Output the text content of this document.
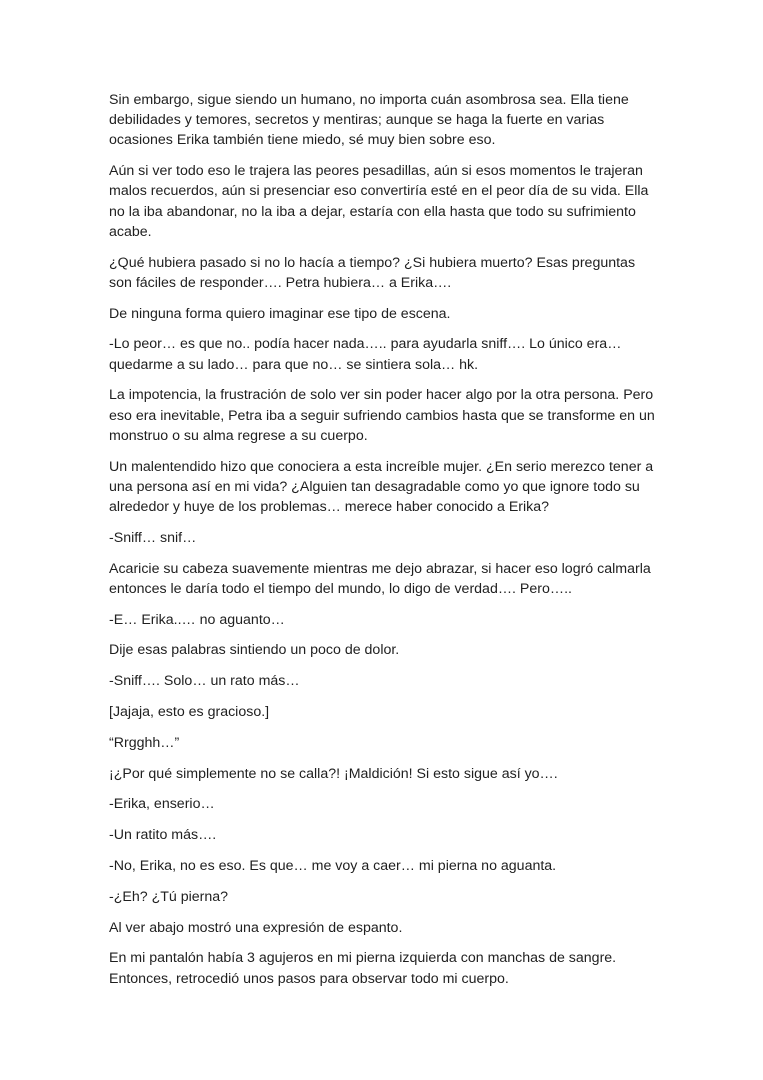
Sin embargo, sigue siendo un humano, no importa cuán asombrosa sea. Ella tiene debilidades y temores, secretos y mentiras; aunque se haga la fuerte en varias ocasiones Erika también tiene miedo, sé muy bien sobre eso.

Aún si ver todo eso le trajera las peores pesadillas, aún si esos momentos le trajeran malos recuerdos, aún si presenciar eso convertiría esté en el peor día de su vida. Ella no la iba abandonar, no la iba a dejar, estaría con ella hasta que todo su sufrimiento acabe.

¿Qué hubiera pasado si no lo hacía a tiempo? ¿Si hubiera muerto? Esas preguntas son fáciles de responder…. Petra hubiera… a Erika….

De ninguna forma quiero imaginar ese tipo de escena.

-Lo peor… es que no.. podía hacer nada….. para ayudarla sniff…. Lo único era… quedarme a su lado… para que no… se sintiera sola… hk.

La impotencia, la frustración de solo ver sin poder hacer algo por la otra persona. Pero eso era inevitable, Petra iba a seguir sufriendo cambios hasta que se transforme en un monstruo o su alma regrese a su cuerpo.

Un malentendido hizo que conociera a esta increíble mujer. ¿En serio merezco tener a una persona así en mi vida? ¿Alguien tan desagradable como yo que ignore todo su alrededor y huye de los problemas… merece haber conocido a Erika?

-Sniff… snif…

Acaricie su cabeza suavemente mientras me dejo abrazar, si hacer eso logró calmarla entonces le daría todo el tiempo del mundo, lo digo de verdad…. Pero…..

-E… Erika..… no aguanto…

Dije esas palabras sintiendo un poco de dolor.

-Sniff…. Solo… un rato más…

[Jajaja, esto es gracioso.]

“Rrgghh…”

¡¿Por qué simplemente no se calla?! ¡Maldición! Si esto sigue así yo….

-Erika, enserio…

-Un ratito más….

-No, Erika, no es eso. Es que… me voy a caer… mi pierna no aguanta.

-¿Eh? ¿Tú pierna?

Al ver abajo mostró una expresión de espanto.

En mi pantalón había 3 agujeros en mi pierna izquierda con manchas de sangre. Entonces, retrocedió unos pasos para observar todo mi cuerpo.
